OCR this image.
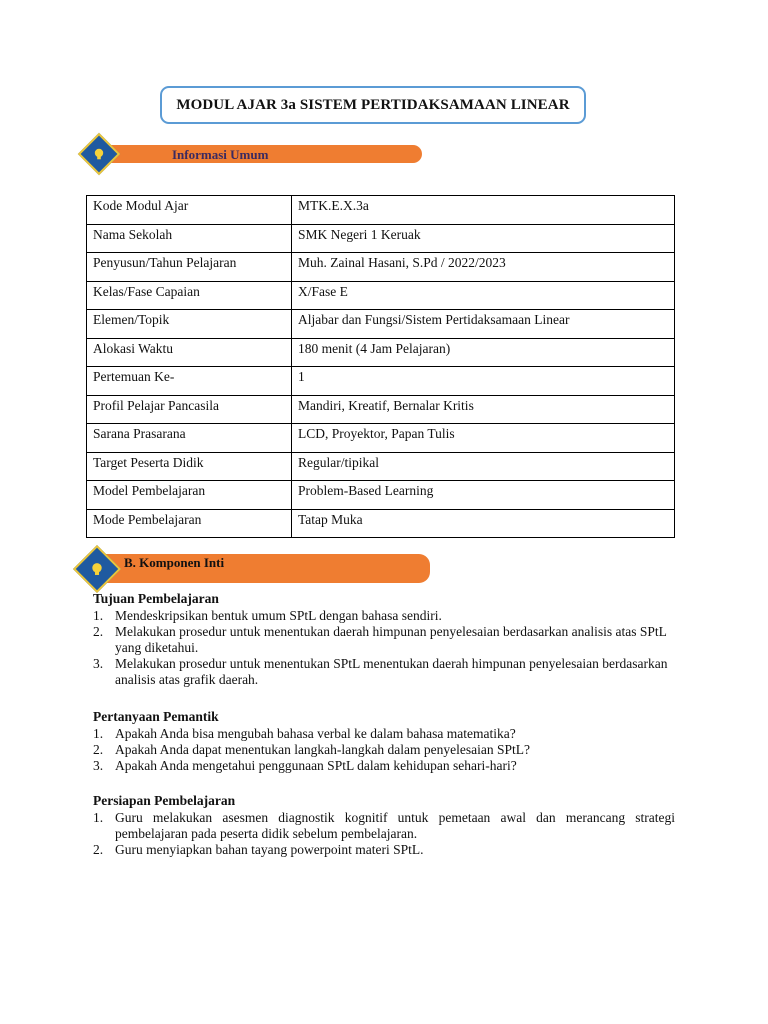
MODUL AJAR 3a SISTEM PERTIDAKSAMAAN LINEAR
Informasi Umum
Kode Modul Ajar	MTK.E.X.3a
Nama Sekolah	SMK Negeri 1 Keruak
Penyusun/Tahun Pelajaran	Muh. Zainal Hasani, S.Pd / 2022/2023
Kelas/Fase Capaian	X/Fase E
Elemen/Topik	Aljabar dan Fungsi/Sistem Pertidaksamaan Linear
Alokasi Waktu	180 menit (4 Jam Pelajaran)
Pertemuan Ke-	1
Profil Pelajar Pancasila	Mandiri, Kreatif, Bernalar Kritis
Sarana Prasarana	LCD, Proyektor, Papan Tulis
Target Peserta Didik	Regular/tipikal
Model Pembelajaran	Problem-Based Learning
Mode Pembelajaran	Tatap Muka
B. Komponen Inti
Tujuan Pembelajaran
1. Mendeskripsikan bentuk umum SPtL dengan bahasa sendiri.
2. Melakukan prosedur untuk menentukan daerah himpunan penyelesaian berdasarkan analisis atas SPtL yang diketahui.
3. Melakukan prosedur untuk menentukan SPtL menentukan daerah himpunan penyelesaian berdasarkan analisis atas grafik daerah.
Pertanyaan Pemantik
1. Apakah Anda bisa mengubah bahasa verbal ke dalam bahasa matematika?
2. Apakah Anda dapat menentukan langkah-langkah dalam penyelesaian SPtL?
3. Apakah Anda mengetahui penggunaan SPtL dalam kehidupan sehari-hari?
Persiapan Pembelajaran
1. Guru melakukan asesmen diagnostik kognitif untuk pemetaan awal dan merancang strategi pembelajaran pada peserta didik sebelum pembelajaran.
2. Guru menyiapkan bahan tayang powerpoint materi SPtL.
